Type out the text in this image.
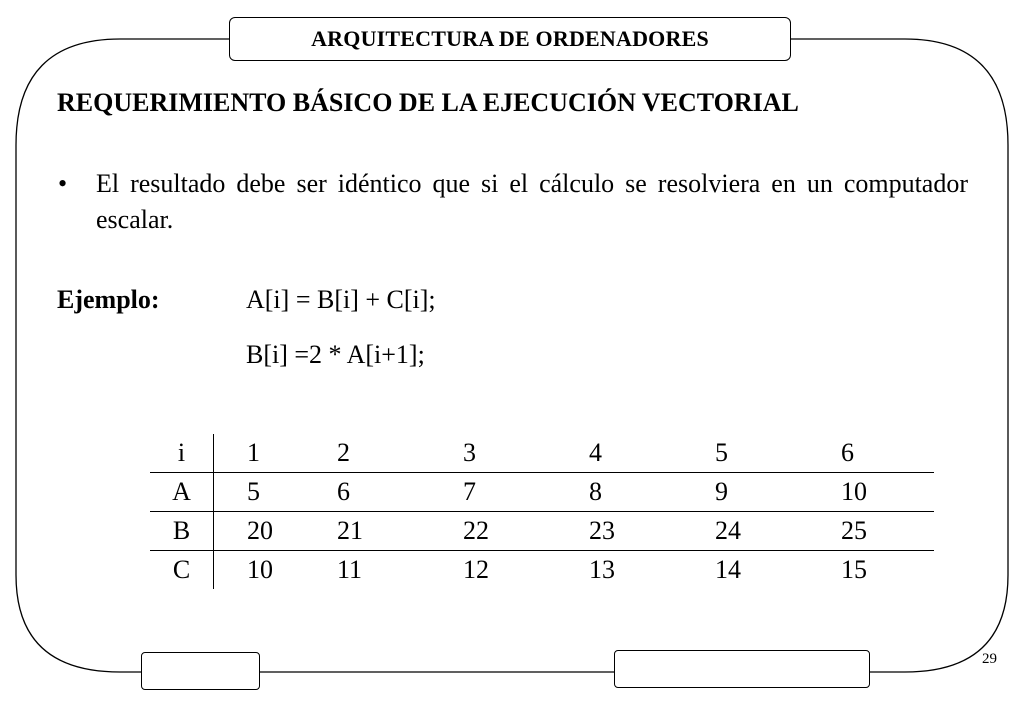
ARQUITECTURA DE ORDENADORES
REQUERIMIENTO BÁSICO DE LA EJECUCIÓN VECTORIAL
• El resultado debe ser idéntico que si el cálculo se resolviera en un computador escalar.
Ejemplo:	A[i] = B[i] + C[i];
B[i] =2 * A[i+1];
i	1	2	3	4	5	6
A	5	6	7	8	9	10
B	20	21	22	23	24	25
C	10	11	12	13	14	15
29
